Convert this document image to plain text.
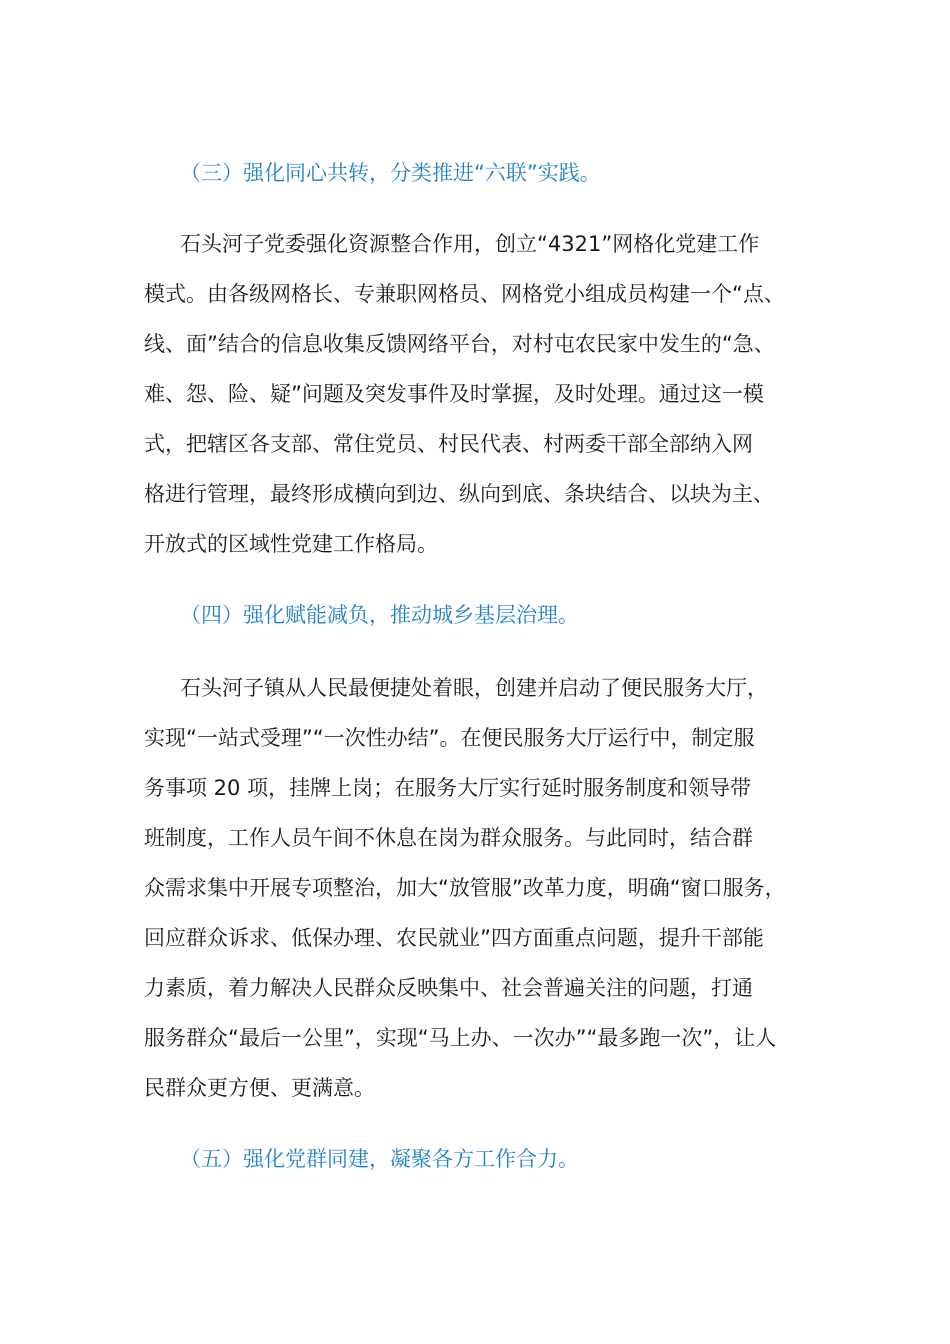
（三）强化同心共转，分类推进“六联”实践。
石头河子党委强化资源整合作用，创立“4321”网格化党建工作
模式。由各级网格长、专兼职网格员、网格党小组成员构建一个“点、
线、面”结合的信息收集反馈网络平台，对村屯农民家中发生的“急、
难、怨、险、疑”问题及突发事件及时掌握，及时处理。通过这一模
式，把辖区各支部、常住党员、村民代表、村两委干部全部纳入网
格进行管理，最终形成横向到边、纵向到底、条块结合、以块为主、
开放式的区域性党建工作格局。
（四）强化赋能减负，推动城乡基层治理。
石头河子镇从人民最便捷处着眼，创建并启动了便民服务大厅，
实现“一站式受理”“一次性办结”。在便民服务大厅运行中，制定服
务事项 20 项，挂牌上岗；在服务大厅实行延时服务制度和领导带
班制度，工作人员午间不休息在岗为群众服务。与此同时，结合群
众需求集中开展专项整治，加大“放管服”改革力度，明确“窗口服务，
回应群众诉求、低保办理、农民就业”四方面重点问题，提升干部能
力素质，着力解决人民群众反映集中、社会普遍关注的问题，打通
服务群众“最后一公里”，实现“马上办、一次办”“最多跑一次”，让人
民群众更方便、更满意。
（五）强化党群同建，凝聚各方工作合力。
